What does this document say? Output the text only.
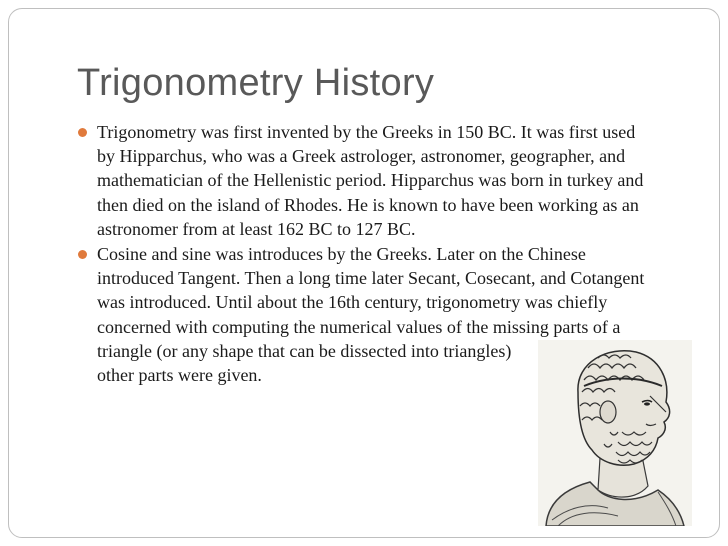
Trigonometry History
Trigonometry was first invented by the Greeks in 150 BC. It was first used
by Hipparchus, who was a Greek astrologer, astronomer, geographer, and
mathematician of the Hellenistic period. Hipparchus was born in turkey and
then died on the island of Rhodes. He is known to have been working as an
astronomer from at least 162 BC to 127 BC.
Cosine and sine was introduces by the Greeks. Later on the Chinese
introduced Tangent. Then a long time later Secant, Cosecant, and Cotangent
was introduced. Until about the 16th century, trigonometry was chiefly
concerned with computing the numerical values of the missing parts of a
triangle (or any shape that can be dissected into triangles)
other parts were given.
